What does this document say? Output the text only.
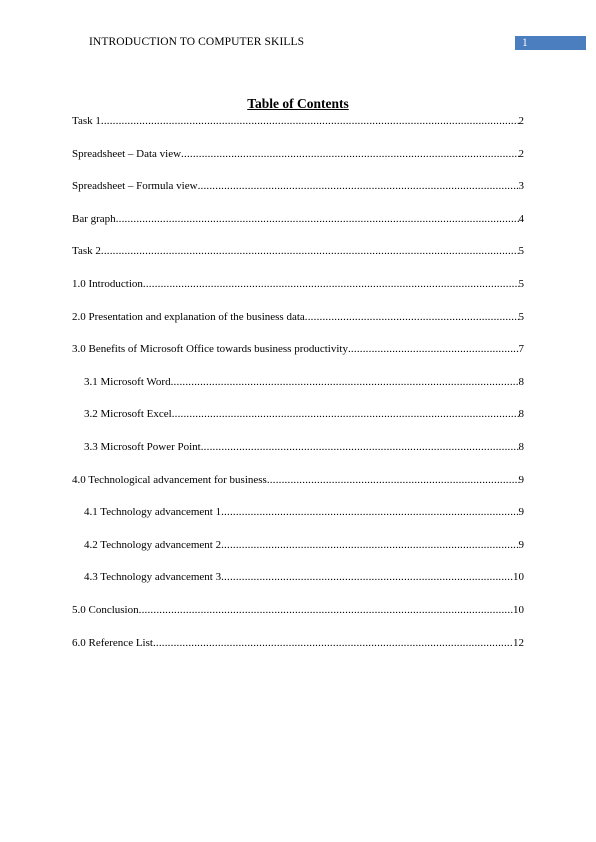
INTRODUCTION TO COMPUTER SKILLS	1
Table of Contents
Task 1 .....	2
Spreadsheet – Data view .....	2
Spreadsheet – Formula view .....	3
Bar graph .....	4
Task 2 .....	5
1.0 Introduction .....	5
2.0 Presentation and explanation of the business data .....	5
3.0 Benefits of Microsoft Office towards business productivity .....	7
3.1 Microsoft Word .....	8
3.2 Microsoft Excel .....	8
3.3 Microsoft Power Point .....	8
4.0 Technological advancement for business .....	9
4.1 Technology advancement 1 .....	9
4.2 Technology advancement 2 .....	9
4.3 Technology advancement 3 .....	10
5.0 Conclusion .....	10
6.0 Reference List .....	12
